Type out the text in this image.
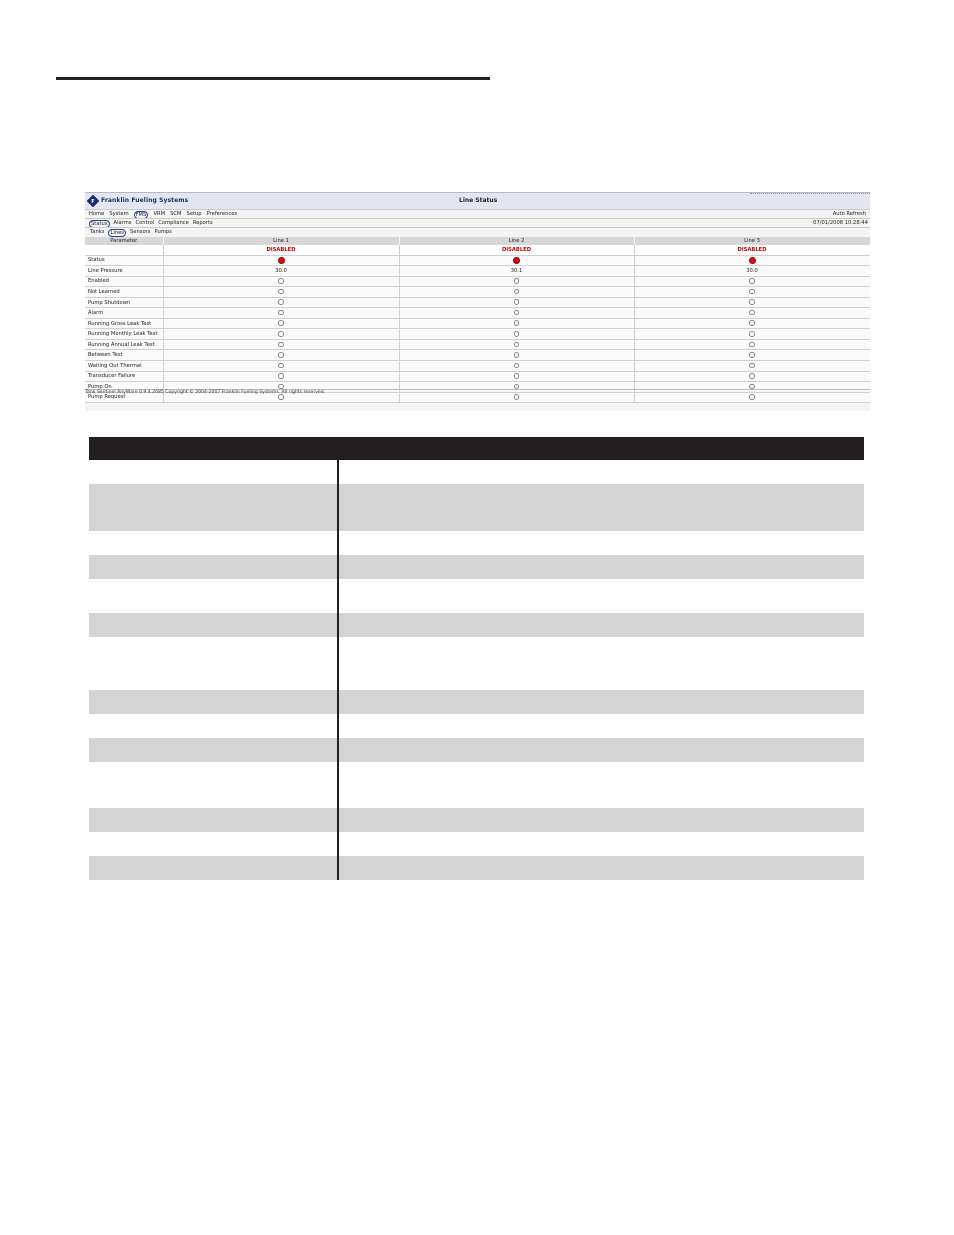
F Franklin Fueling Systems	Line Status
Home System	FMS	VRM SCM Setup Preferences	Auto Refresh
Status	Alarms Control Compliance Reports	07/01/2008 10:28:44
Tanks	Lines	Sensors Pumps
Parameter	Line 1	Line 2	Line 3
	DISABLED	DISABLED	DISABLED
Status			
Line Pressure	30.0	30.1	30.0
Enabled			
Not Learned			
Pump Shutdown			
Alarm			
Running Gross Leak Test			
Running Monthly Leak Test			
Running Annual Leak Test			
Between Test			
Waiting Out Thermal			
Transducer Failure			
Pump On			
Pump Request			
Tank Sentinel AnyWare 0.9.4.2685 Copyright © 2004-2007 Franklin Fueling Systems. All rights reserved.
